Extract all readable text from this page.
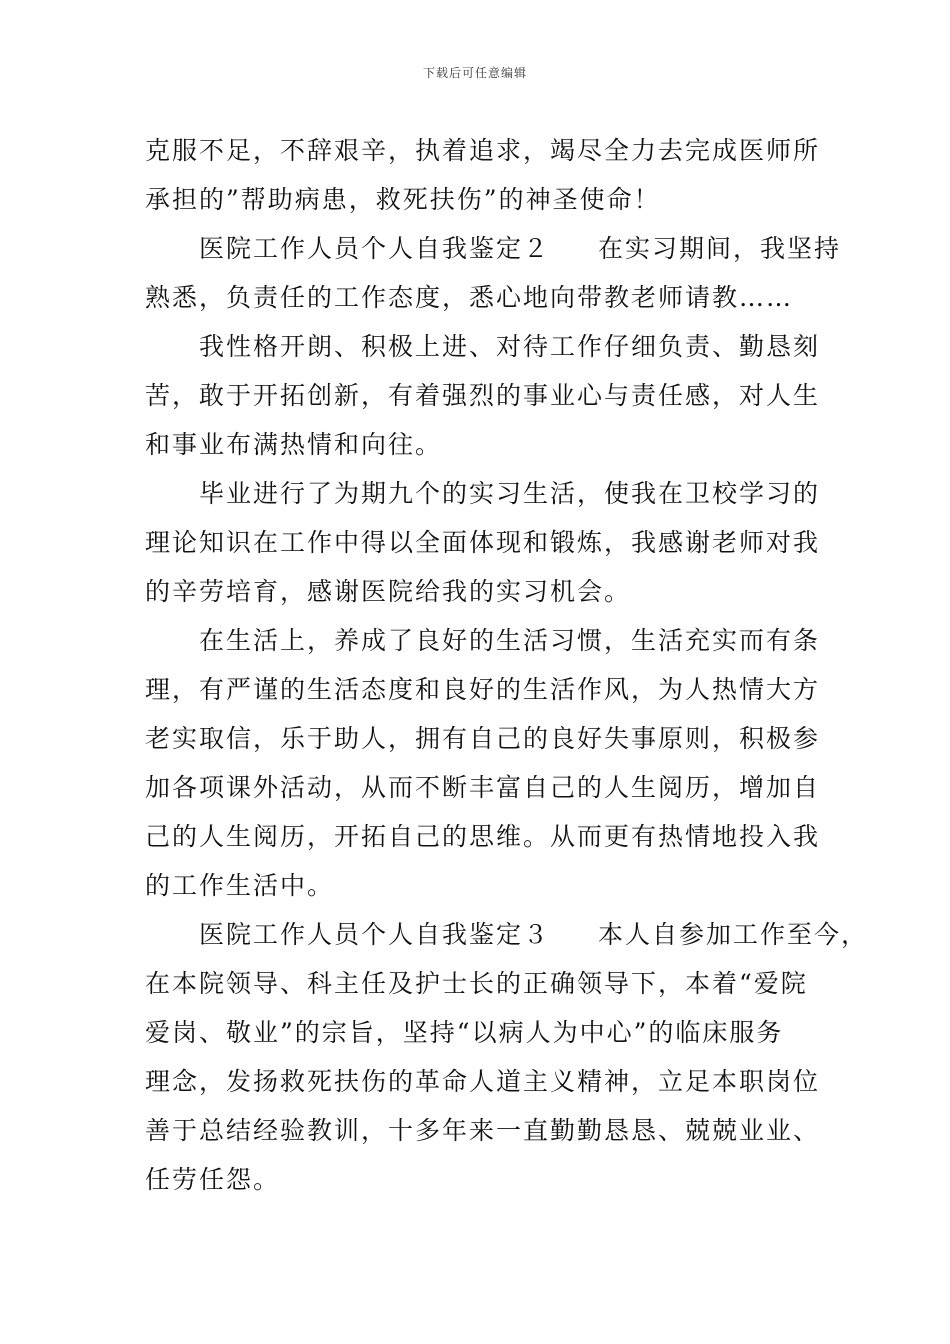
下载后可任意编辑
克服不足，不辞艰辛，执着追求，竭尽全力去完成医师所
承担的”帮助病患，救死扶伤”的神圣使命！
医院工作人员个人自我鉴定２ 在实习期间，我坚持
熟悉，负责任的工作态度，悉心地向带教老师请教……
我性格开朗、积极上进、对待工作仔细负责、勤恳刻
苦，敢于开拓创新，有着强烈的事业心与责任感，对人生
和事业布满热情和向往。
毕业进行了为期九个的实习生活，使我在卫校学习的
理论知识在工作中得以全面体现和锻炼，我感谢老师对我
的辛劳培育，感谢医院给我的实习机会。
在生活上，养成了良好的生活习惯，生活充实而有条
理，有严谨的生活态度和良好的生活作风，为人热情大方
老实取信，乐于助人，拥有自己的良好失事原则，积极参
加各项课外活动，从而不断丰富自己的人生阅历，增加自
己的人生阅历，开拓自己的思维。从而更有热情地投入我
的工作生活中。
医院工作人员个人自我鉴定３ 本人自参加工作至今，
在本院领导、科主任及护士长的正确领导下，本着“爱院
爱岗、敬业”的宗旨，坚持“以病人为中心”的临床服务
理念，发扬救死扶伤的革命人道主义精神，立足本职岗位
善于总结经验教训，十多年来一直勤勤恳恳、兢兢业业、
任劳任怨。
